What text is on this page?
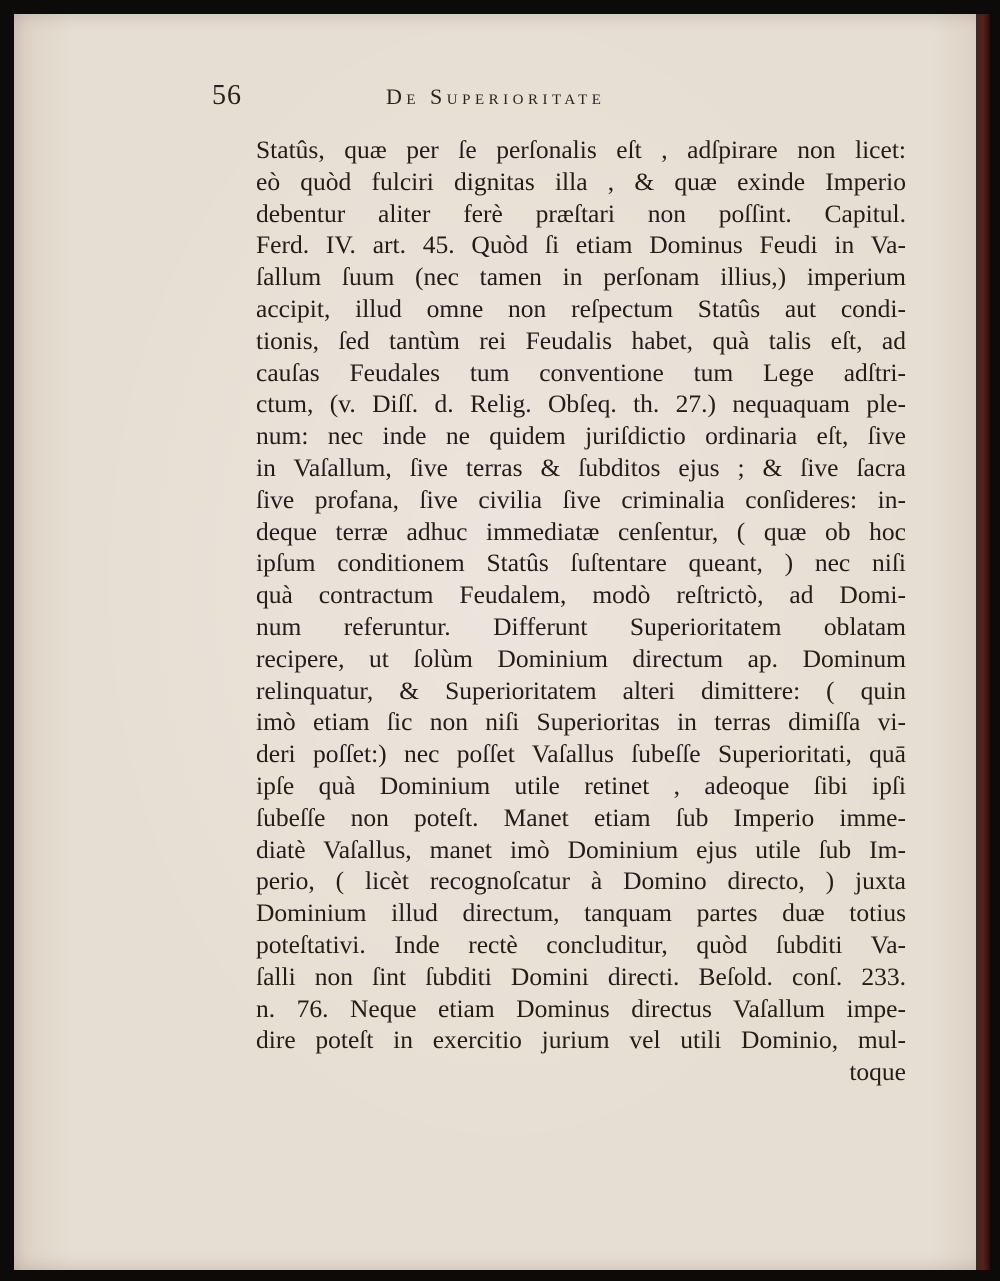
56	De Superioritate
Statûs, quæ per ſe perſonalis eſt , adſpirare non licet:
eò quòd fulciri dignitas illa , & quæ exinde Imperio
debentur aliter ferè præſtari non poſſint. Capitul.
Ferd. IV. art. 45. Quòd ſi etiam Dominus Feudi in Va-
ſallum ſuum (nec tamen in perſonam illius,) imperium
accipit, illud omne non reſpectum Statûs aut condi-
tionis, ſed tantùm rei Feudalis habet, quà talis eſt, ad
cauſas Feudales tum conventione tum Lege adſtri-
ctum, (v. Diſſ. d. Relig. Obſeq. th. 27.) nequaquam ple-
num: nec inde ne quidem juriſdictio ordinaria eſt, ſive
in Vaſallum, ſive terras & ſubditos ejus ; & ſive ſacra
ſive profana, ſive civilia ſive criminalia conſideres: in-
deque terræ adhuc immediatæ cenſentur, ( quæ ob hoc
ipſum conditionem Statûs ſuſtentare queant, ) nec niſi
quà contractum Feudalem, modò reſtrictò, ad Domi-
num referuntur. Differunt Superioritatem oblatam
recipere, ut ſolùm Dominium directum ap. Dominum
relinquatur, & Superioritatem alteri dimittere: ( quin
imò etiam ſic non niſi Superioritas in terras dimiſſa vi-
deri poſſet:) nec poſſet Vaſallus ſubeſſe Superioritati, quā
ipſe quà Dominium utile retinet , adeoque ſibi ipſi
ſubeſſe non poteſt. Manet etiam ſub Imperio imme-
diatè Vaſallus, manet imò Dominium ejus utile ſub Im-
perio, ( licèt recognoſcatur à Domino directo, ) juxta
Dominium illud directum, tanquam partes duæ totius
poteſtativi. Inde rectè concluditur, quòd ſubditi Va-
ſalli non ſint ſubditi Domini directi. Beſold. conſ. 233.
n. 76. Neque etiam Dominus directus Vaſallum impe-
dire poteſt in exercitio jurium vel utili Dominio, mul-
toque
